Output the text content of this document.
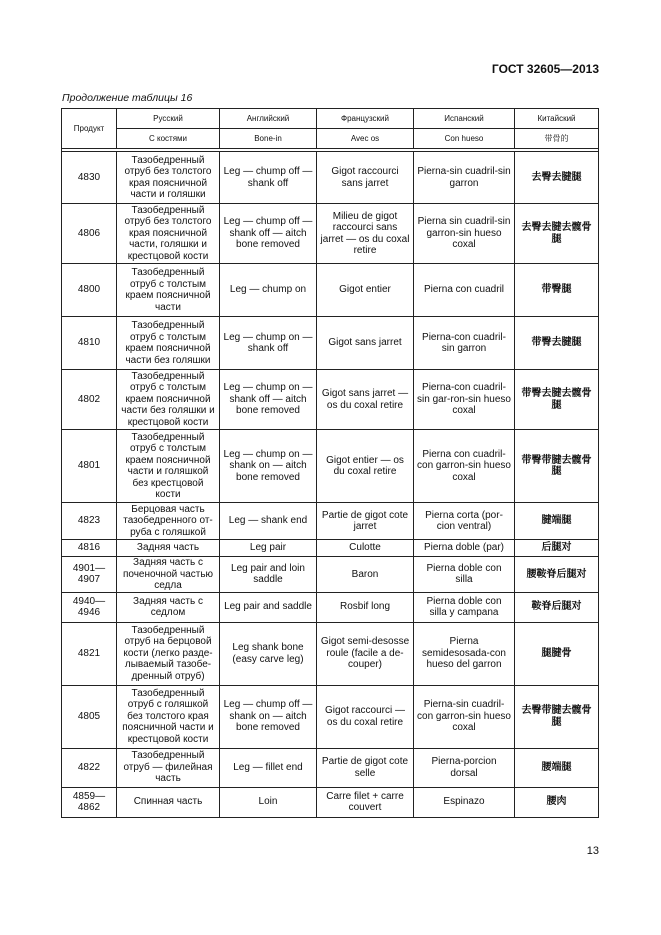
ГОСТ 32605—2013
Продолжение таблицы 16
Продукт	Русский	Английский	Французский	Испанский	Китайский
	С костями	Bone-in	Avec os	Con hueso	带骨的

4830	Тазобедренный отруб без толстого края поясничной части и голяшки	Leg — chump off — shank off	Gigot raccourci sans jarret	Pierna-sin cuadril-sin garron	去臀去腱腿
4806	Тазобедренный отруб без толстого края поясничной части, голяшки и крестцовой кости	Leg — chump off — shank off — aitch bone removed	Milieu de gigot raccourci sans jarret — os du coxal retire	Pierna sin cuadril-sin garron-sin hueso coxal	去臀去腱去髋骨腿
4800	Тазобедренный отруб с толстым краем поясничной части	Leg — chump on	Gigot entier	Pierna con cuadril	带臀腿
4810	Тазобедренный отруб с толстым краем поясничной части без голяшки	Leg — chump on — shank off	Gigot sans jarret	Pierna-con cuadril-sin garron	带臀去腱腿
4802	Тазобедренный отруб с толстым краем поясничной части без голяшки и крестцовой кости	Leg — chump on — shank off — aitch bone removed	Gigot sans jarret — os du coxal retire	Pierna-con cuadril-sin gar-ron-sin hueso coxal	带臀去腱去髋骨腿
4801	Тазобедренный отруб с толстым краем поясничной части и голяшкой без крестцовой кости	Leg — chump on — shank on — aitch bone removed	Gigot entier — os du coxal retire	Pierna con cuadril-con garron-sin hueso coxal	带臀带腱去髋骨腿
4823	Берцовая часть тазобедренного от-руба с голяшкой	Leg — shank end	Partie de gigot cote jarret	Pierna corta (por-cion ventral)	腱端腿
4816	Задняя часть	Leg pair	Culotte	Pierna doble (par)	后腿对
4901—4907	Задняя часть с поченочной частью седла	Leg pair and loin saddle	Baron	Pierna doble con silla	腰鞍脊后腿对
4940—4946	Задняя часть с седлом	Leg pair and saddle	Rosbif long	Pierna doble con silla y campana	鞍脊后腿对
4821	Тазобедренный отруб на берцовой кости (легко разде-лываемый тазобе-дренный отруб)	Leg shank bone (easy carve leg)	Gigot semi-desosse roule (facile a de-couper)	Pierna semidesosada-con hueso del garron	腿腱骨
4805	Тазобедренный отруб с голяшкой без толстого края поясничной части и крестцовой кости	Leg — chump off — shank on — aitch bone removed	Gigot raccourci — os du coxal retire	Pierna-sin cuadril-con garron-sin hueso coxal	去臀带腱去髋骨腿
4822	Тазобедренный отруб — филейная часть	Leg — fillet end	Partie de gigot cote selle	Pierna-porcion dorsal	腰端腿
4859—4862	Спинная часть	Loin	Carre filet + carre couvert	Espinazo	腰肉
13
